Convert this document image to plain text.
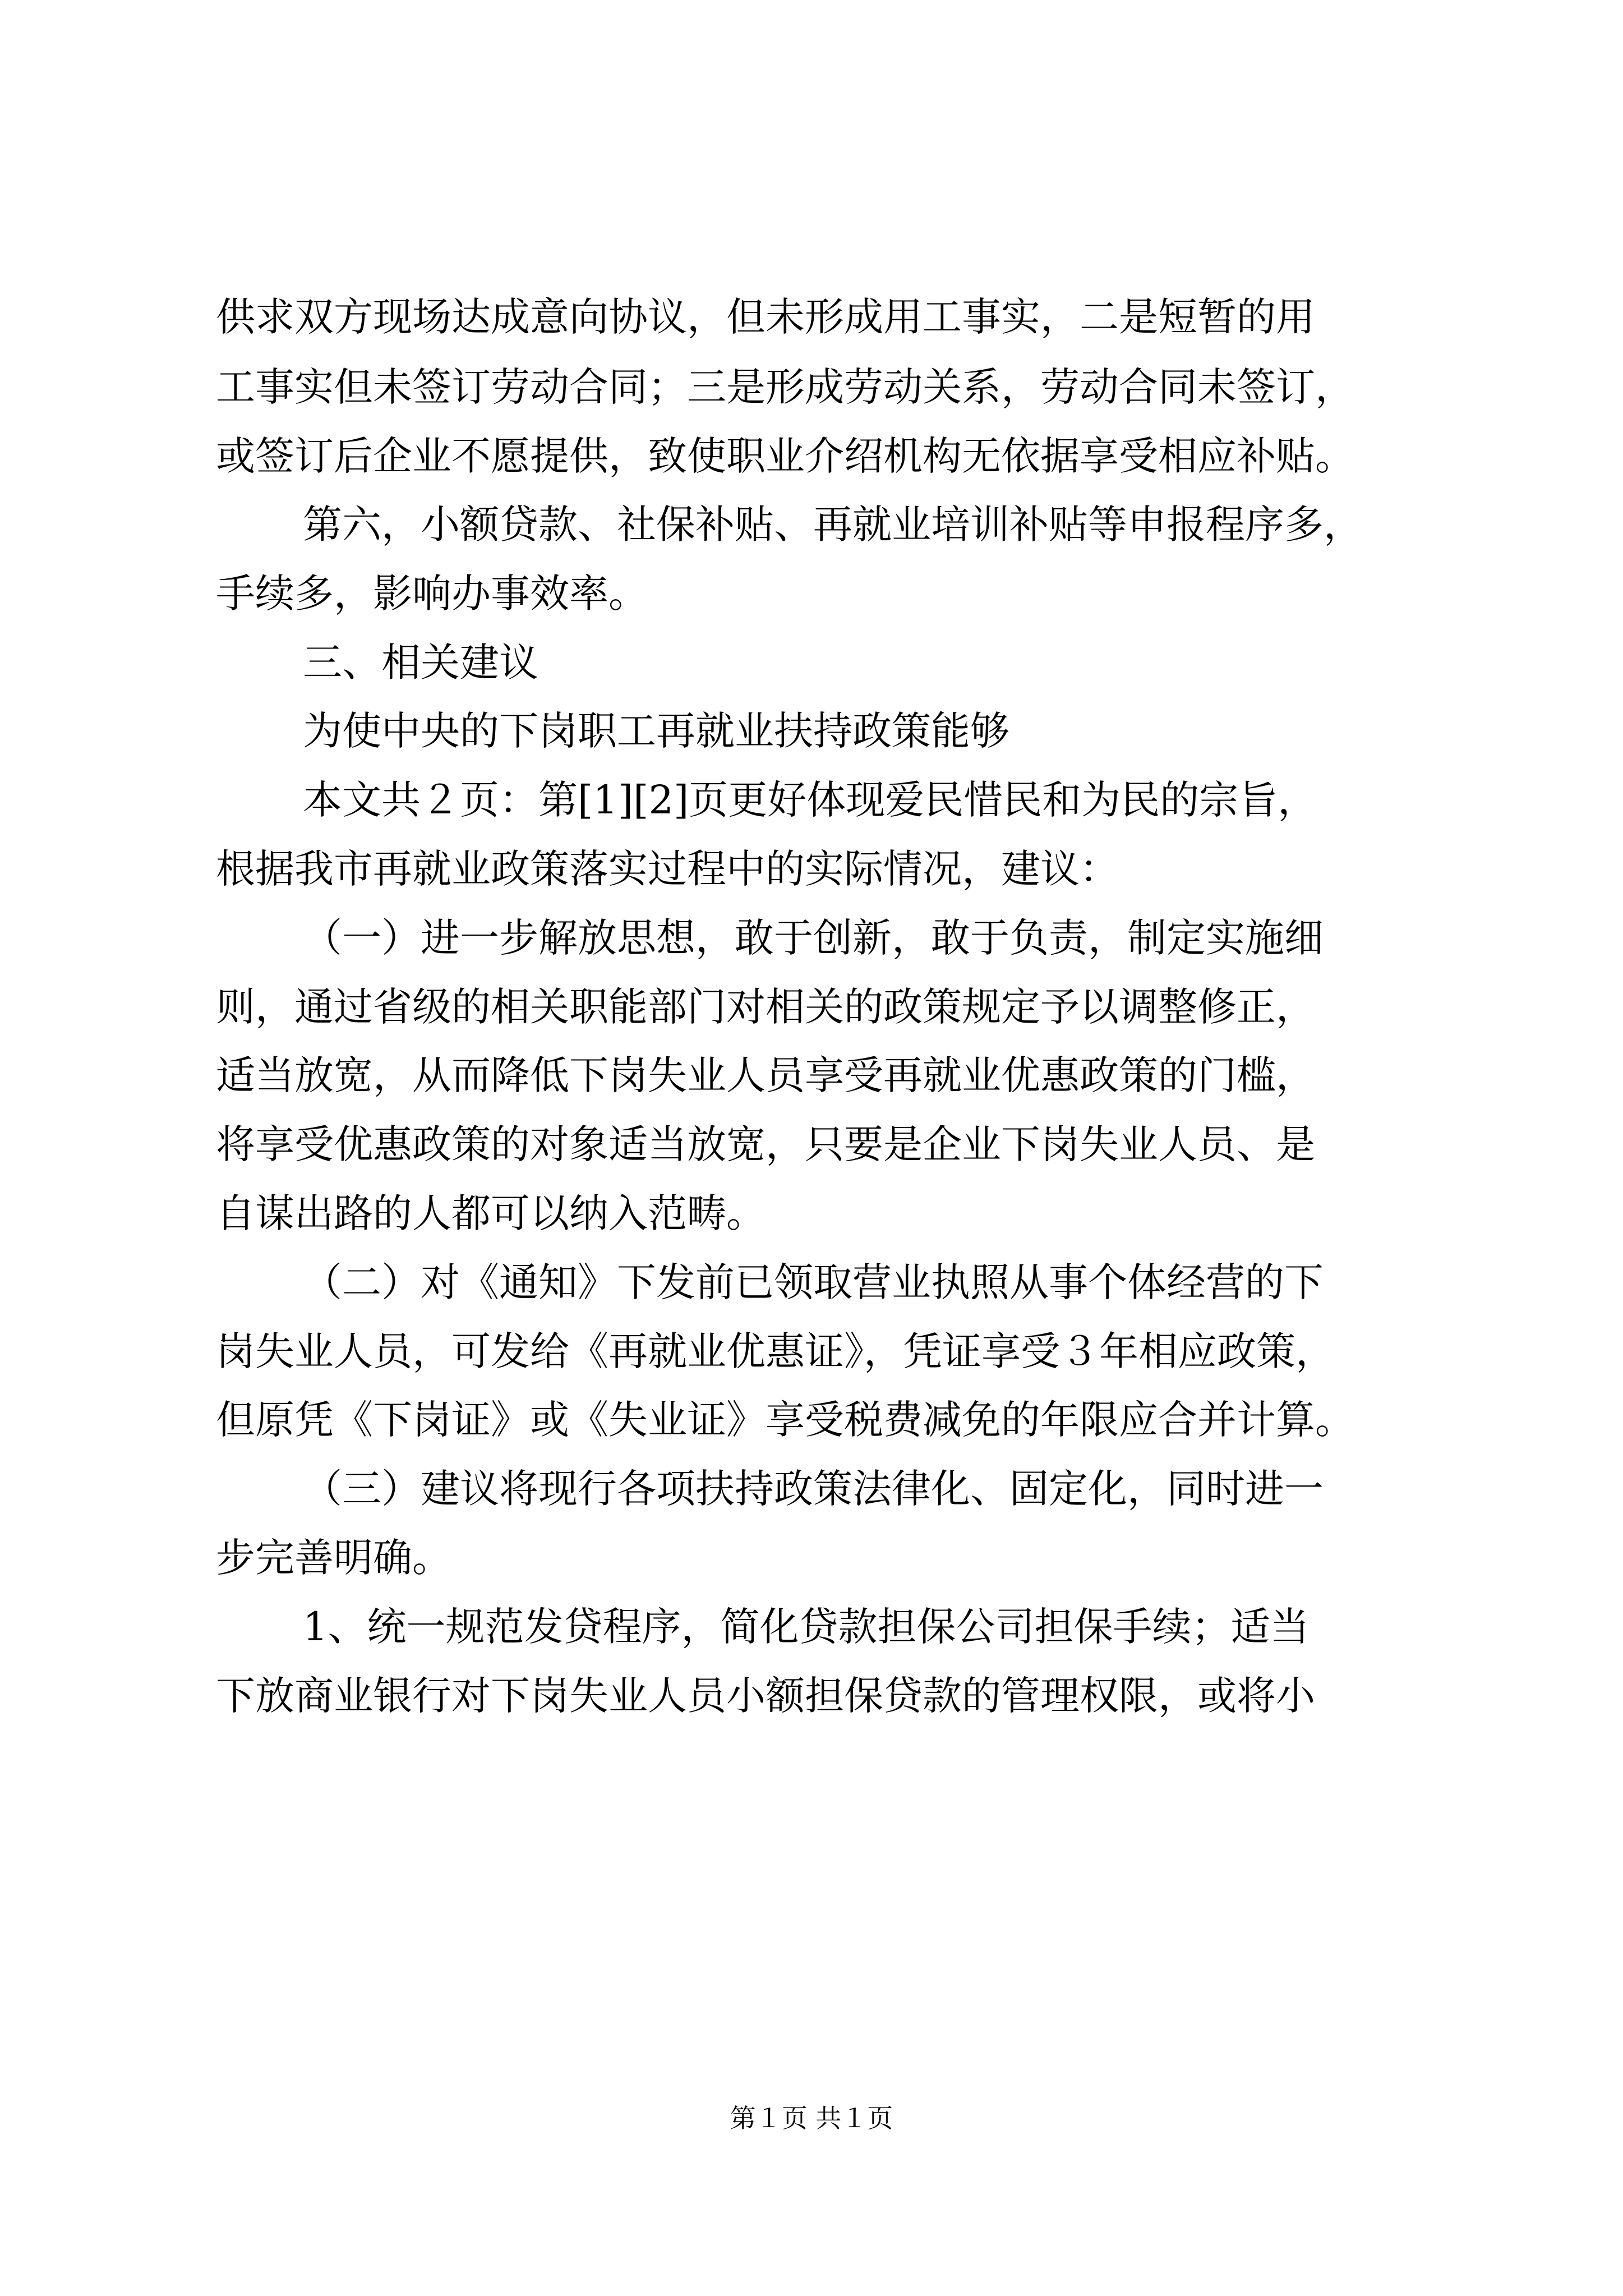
供求双方现场达成意向协议，但未形成用工事实，二是短暂的用
工事实但未签订劳动合同；三是形成劳动关系，劳动合同未签订，
或签订后企业不愿提供，致使职业介绍机构无依据享受相应补贴。
第六，小额贷款、社保补贴、再就业培训补贴等申报程序多，
手续多，影响办事效率。
三、相关建议
为使中央的下岗职工再就业扶持政策能够
本文共２页：第[1][2]页更好体现爱民惜民和为民的宗旨，
根据我市再就业政策落实过程中的实际情况，建议：
（一）进一步解放思想，敢于创新，敢于负责，制定实施细
则，通过省级的相关职能部门对相关的政策规定予以调整修正，
适当放宽，从而降低下岗失业人员享受再就业优惠政策的门槛，
将享受优惠政策的对象适当放宽，只要是企业下岗失业人员、是
自谋出路的人都可以纳入范畴。
（二）对《通知》下发前已领取营业执照从事个体经营的下
岗失业人员，可发给《再就业优惠证》，凭证享受３年相应政策，
但原凭《下岗证》或《失业证》享受税费减免的年限应合并计算。
（三）建议将现行各项扶持政策法律化、固定化，同时进一
步完善明确。
1、统一规范发贷程序，简化贷款担保公司担保手续；适当
下放商业银行对下岗失业人员小额担保贷款的管理权限，或将小
第１页 共１页
